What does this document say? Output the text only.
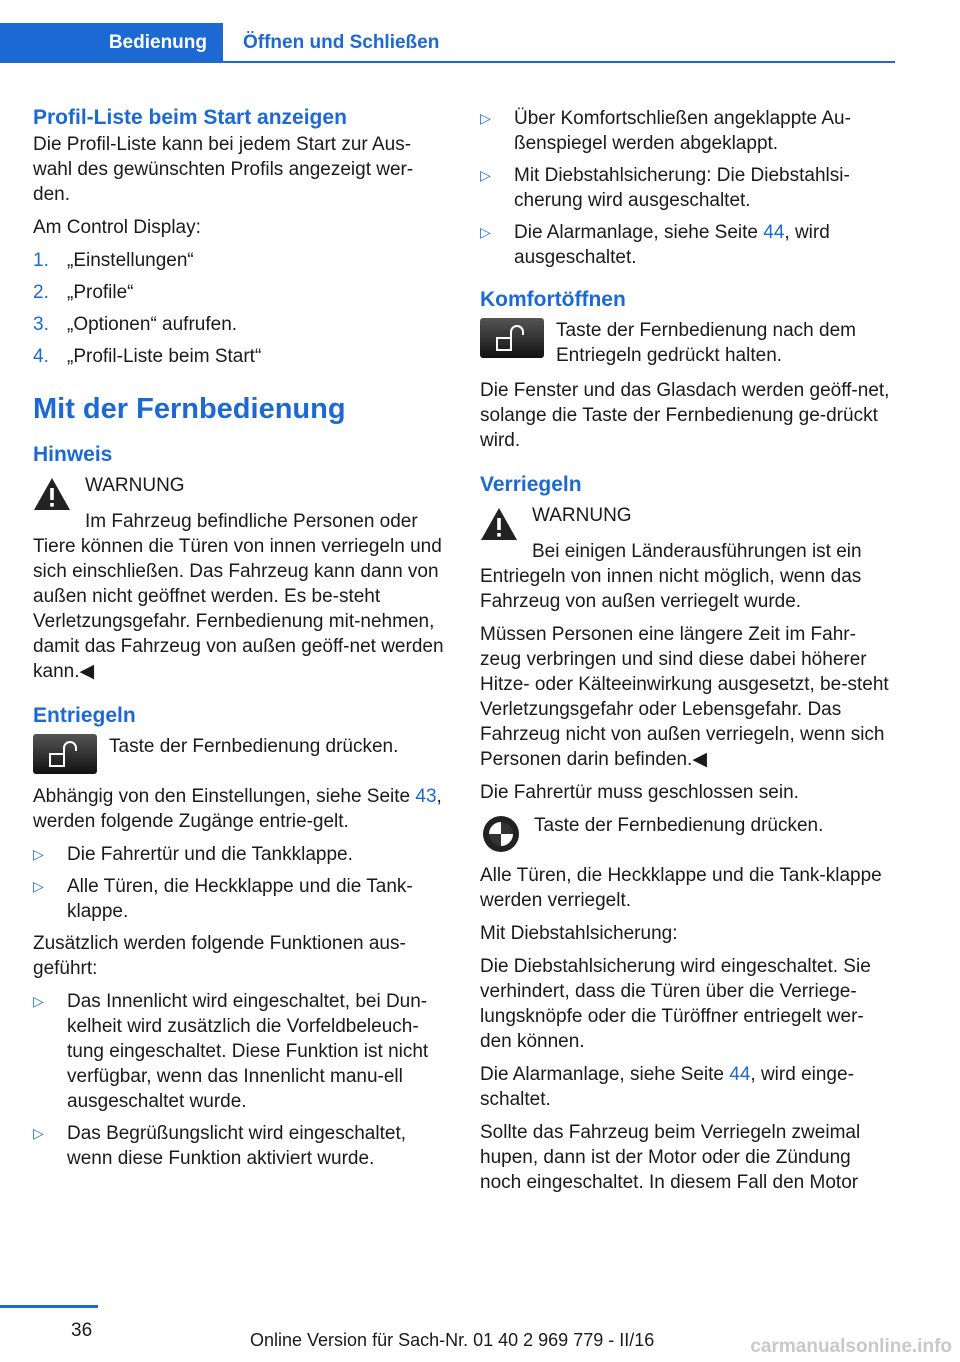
Bedienung	Öffnen und Schließen
Profil-Liste beim Start anzeigen

Die Profil-Liste kann bei jedem Start zur Aus-wahl des gewünschten Profils angezeigt wer-den.

Am Control Display:

1. „Einstellungen“
2. „Profile“
3. „Optionen“ aufrufen.
4. „Profil-Liste beim Start“
Mit der Fernbedienung
Hinweis
WARNUNG

Im Fahrzeug befindliche Personen oder Tiere können die Türen von innen verriegeln und sich einschließen. Das Fahrzeug kann dann von außen nicht geöffnet werden. Es be-steht Verletzungsgefahr. Fernbedienung mit-nehmen, damit das Fahrzeug von außen geöff-net werden kann.◀

Entriegeln
Taste der Fernbedienung drücken.

Abhängig von den Einstellungen, siehe Seite 43, werden folgende Zugänge entrie-gelt.

▷	Die Fahrertür und die Tankklappe.
▷	Alle Türen, die Heckklappe und die Tank-klappe.

Zusätzlich werden folgende Funktionen aus-geführt:

▷	Das Innenlicht wird eingeschaltet, bei Dun-kelheit wird zusätzlich die Vorfeldbeleuch-tung eingeschaltet. Diese Funktion ist nicht verfügbar, wenn das Innenlicht manu-ell ausgeschaltet wurde.
▷	Das Begrüßungslicht wird eingeschaltet, wenn diese Funktion aktiviert wurde.
▷	Über Komfortschließen angeklappte Au-ßenspiegel werden abgeklappt.
▷	Mit Diebstahlsicherung: Die Diebstahlsi-cherung wird ausgeschaltet.
▷	Die Alarmanlage, siehe Seite 44, wird ausgeschaltet.
Komfortöffnen
Taste der Fernbedienung nach dem Entriegeln gedrückt halten.

Die Fenster und das Glasdach werden geöff-net, solange die Taste der Fernbedienung ge-drückt wird.

Verriegeln
WARNUNG

Bei einigen Länderausführungen ist ein Entriegeln von innen nicht möglich, wenn das Fahrzeug von außen verriegelt wurde.

Müssen Personen eine längere Zeit im Fahr-zeug verbringen und sind diese dabei höherer Hitze- oder Kälteeinwirkung ausgesetzt, be-steht Verletzungsgefahr oder Lebensgefahr. Das Fahrzeug nicht von außen verriegeln, wenn sich Personen darin befinden.◀

Die Fahrertür muss geschlossen sein.

Taste der Fernbedienung drücken.

Alle Türen, die Heckklappe und die Tank-klappe werden verriegelt.

Mit Diebstahlsicherung:

Die Diebstahlsicherung wird eingeschaltet. Sie verhindert, dass die Türen über die Verriege-lungsknöpfe oder die Türöffner entriegelt wer-den können.

Die Alarmanlage, siehe Seite 44, wird einge-schaltet.

Sollte das Fahrzeug beim Verriegeln zweimal hupen, dann ist der Motor oder die Zündung noch eingeschaltet. In diesem Fall den Motor

36	Online Version für Sach-Nr. 01 40 2 969 779 - II/16	carmanualsonline.info
